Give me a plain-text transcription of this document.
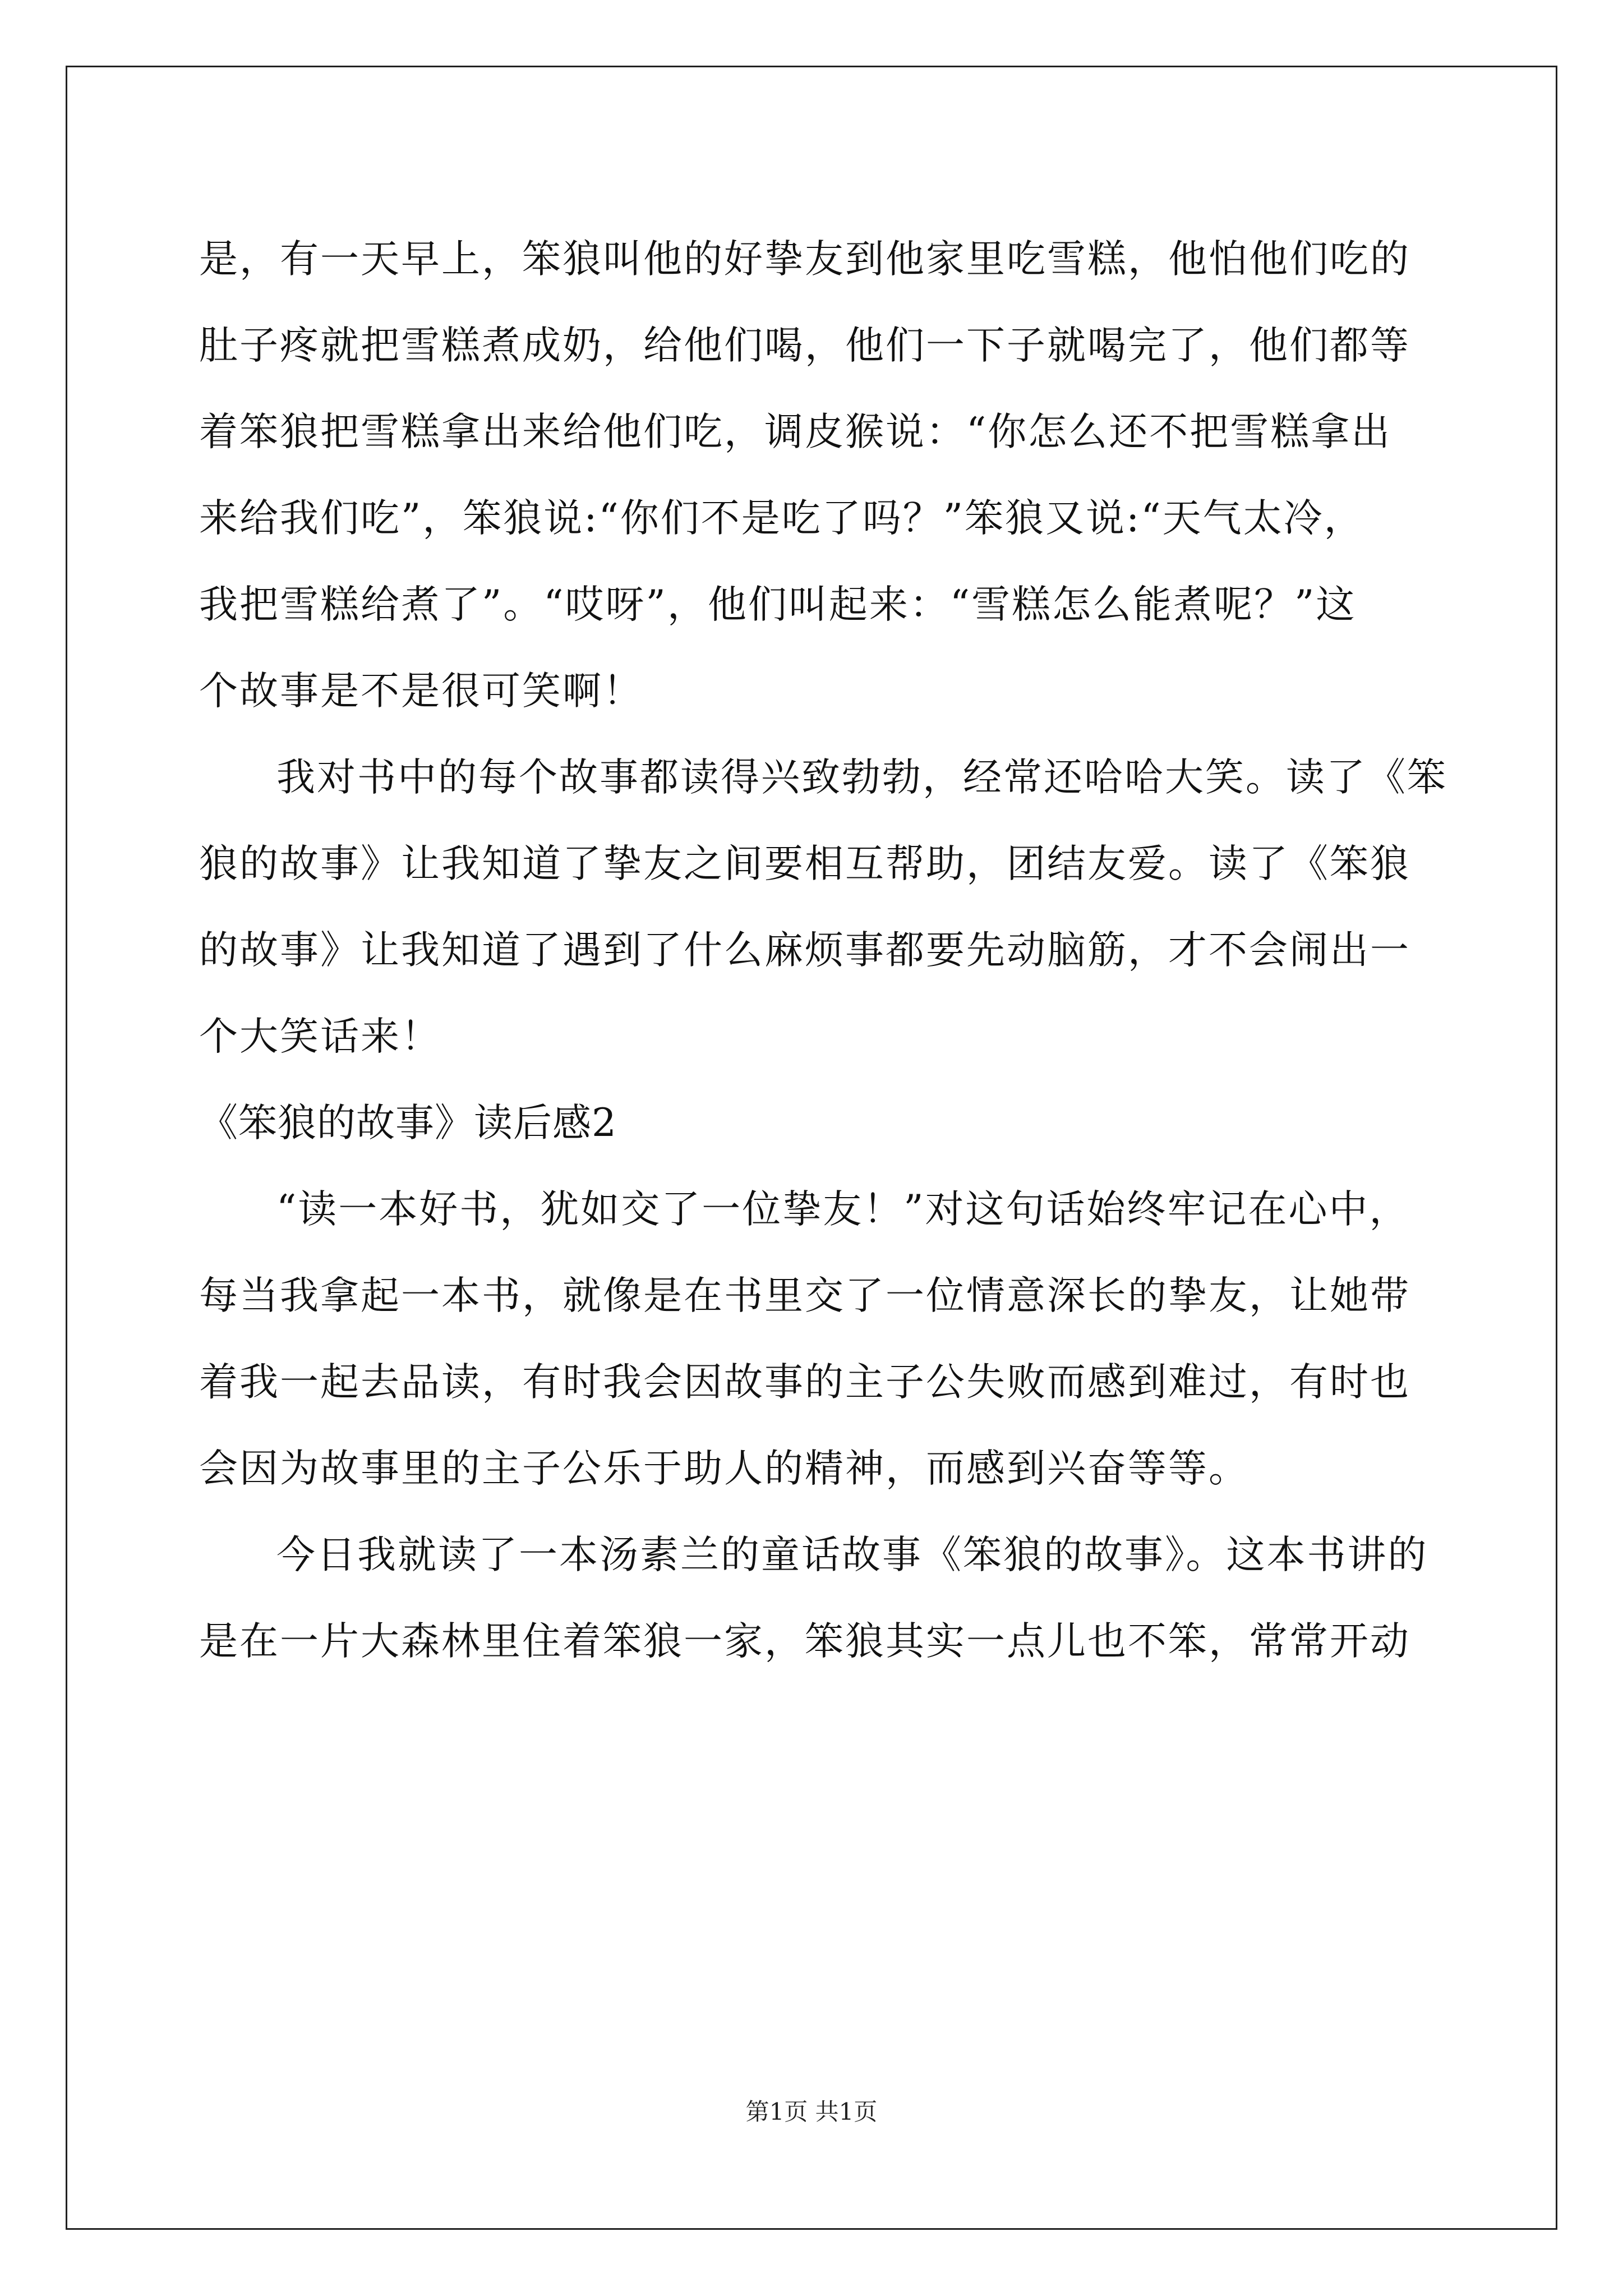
是，有一天早上，笨狼叫他的好挚友到他家里吃雪糕，他怕他们吃的
肚子疼就把雪糕煮成奶，给他们喝，他们一下子就喝完了，他们都等
着笨狼把雪糕拿出来给他们吃，调皮猴说：“你怎么还不把雪糕拿出
来给我们吃”，笨狼说:“你们不是吃了吗？”笨狼又说:“天气太冷，
我把雪糕给煮了”。“哎呀”，他们叫起来：“雪糕怎么能煮呢？”这
个故事是不是很可笑啊！
我对书中的每个故事都读得兴致勃勃，经常还哈哈大笑。读了《笨
狼的故事》让我知道了挚友之间要相互帮助，团结友爱。读了《笨狼
的故事》让我知道了遇到了什么麻烦事都要先动脑筋，才不会闹出一
个大笑话来！
《笨狼的故事》读后感2
“读一本好书，犹如交了一位挚友！”对这句话始终牢记在心中，
每当我拿起一本书，就像是在书里交了一位情意深长的挚友，让她带
着我一起去品读，有时我会因故事的主子公失败而感到难过，有时也
会因为故事里的主子公乐于助人的精神，而感到兴奋等等。
今日我就读了一本汤素兰的童话故事《笨狼的故事》。这本书讲的
是在一片大森林里住着笨狼一家，笨狼其实一点儿也不笨，常常开动
第1页 共1页
